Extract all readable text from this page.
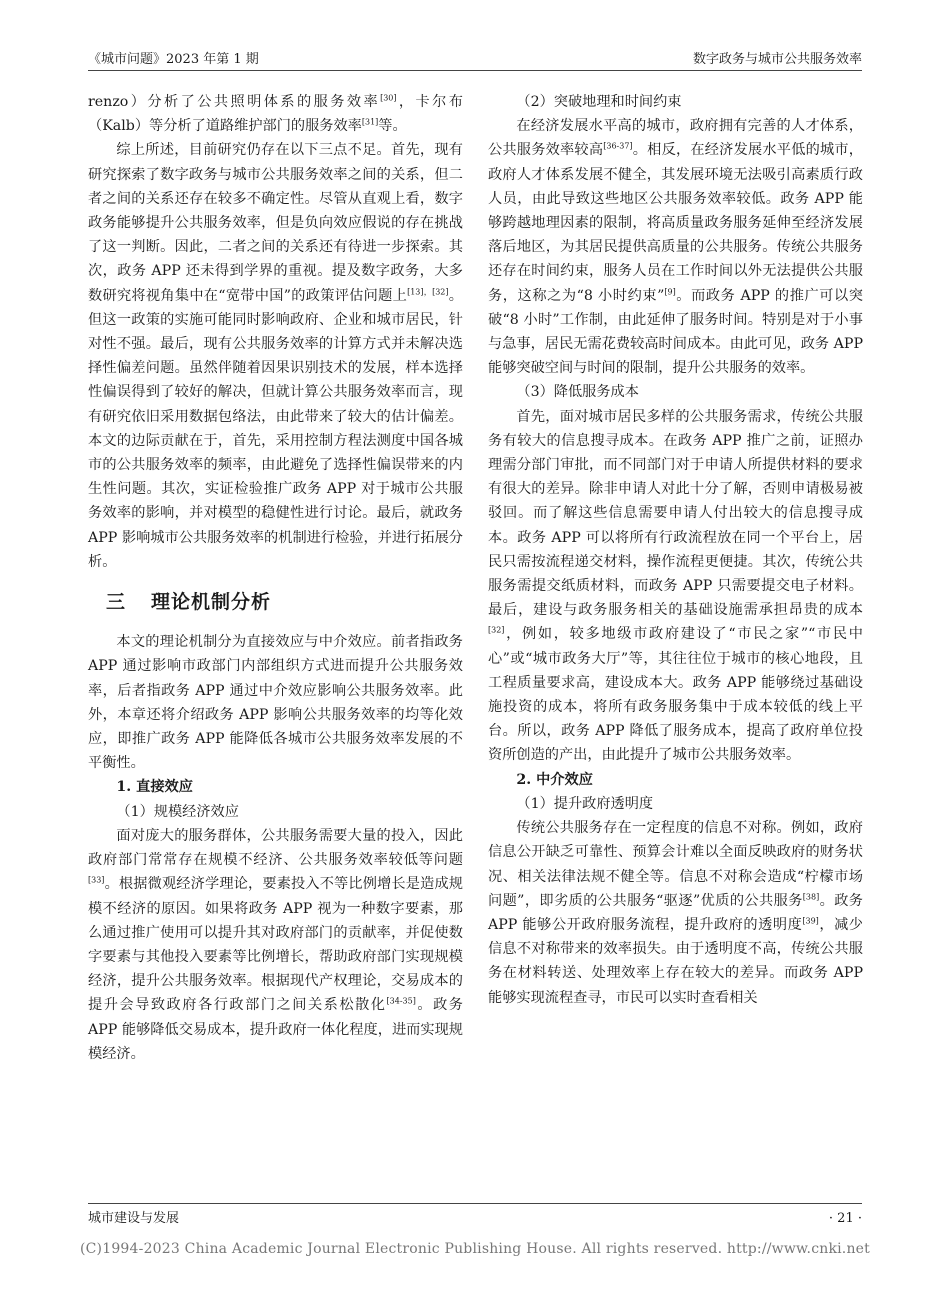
《城市问题》2023 年第 1 期	数字政务与城市公共服务效率

renzo）分析了公共照明体系的服务效率[30]，卡尔布（Kalb）等分析了道路维护部门的服务效率[31]等。

综上所述，目前研究仍存在以下三点不足。首先，现有研究探索了数字政务与城市公共服务效率之间的关系，但二者之间的关系还存在较多不确定性。尽管从直观上看，数字政务能够提升公共服务效率，但是负向效应假说的存在挑战了这一判断。因此，二者之间的关系还有待进一步探索。其次，政务 APP 还未得到学界的重视。提及数字政务，大多数研究将视角集中在“宽带中国”的政策评估问题上[13]，[32]。但这一政策的实施可能同时影响政府、企业和城市居民，针对性不强。最后，现有公共服务效率的计算方式并未解决选择性偏差问题。虽然伴随着因果识别技术的发展，样本选择性偏误得到了较好的解决，但就计算公共服务效率而言，现有研究依旧采用数据包络法，由此带来了较大的估计偏差。本文的边际贡献在于，首先，采用控制方程法测度中国各城市的公共服务效率的频率，由此避免了选择性偏误带来的内生性问题。其次，实证检验推广政务 APP 对于城市公共服务效率的影响，并对模型的稳健性进行讨论。最后，就政务 APP 影响城市公共服务效率的机制进行检验，并进行拓展分析。

三 理论机制分析

本文的理论机制分为直接效应与中介效应。前者指政务 APP 通过影响市政部门内部组织方式进而提升公共服务效率，后者指政务 APP 通过中介效应影响公共服务效率。此外，本章还将介绍政务 APP 影响公共服务效率的均等化效应，即推广政务 APP 能降低各城市公共服务效率发展的不平衡性。

1. 直接效应

（1）规模经济效应

面对庞大的服务群体，公共服务需要大量的投入，因此政府部门常常存在规模不经济、公共服务效率较低等问题[33]。根据微观经济学理论，要素投入不等比例增长是造成规模不经济的原因。如果将政务 APP 视为一种数字要素，那么通过推广使用可以提升其对政府部门的贡献率，并促使数字要素与其他投入要素等比例增长，帮助政府部门实现规模经济，提升公共服务效率。根据现代产权理论，交易成本的提升会导致政府各行政部门之间关系松散化[34-35]。政务 APP 能够降低交易成本，提升政府一体化程度，进而实现规模经济。

（2）突破地理和时间约束

在经济发展水平高的城市，政府拥有完善的人才体系，公共服务效率较高[36-37]。相反，在经济发展水平低的城市，政府人才体系发展不健全，其发展环境无法吸引高素质行政人员，由此导致这些地区公共服务效率较低。政务 APP 能够跨越地理因素的限制，将高质量政务服务延伸至经济发展落后地区，为其居民提供高质量的公共服务。传统公共服务还存在时间约束，服务人员在工作时间以外无法提供公共服务，这称之为“8 小时约束”[9]。而政务 APP 的推广可以突破“8 小时”工作制，由此延伸了服务时间。特别是对于小事与急事，居民无需花费较高时间成本。由此可见，政务 APP 能够突破空间与时间的限制，提升公共服务的效率。

（3）降低服务成本

首先，面对城市居民多样的公共服务需求，传统公共服务有较大的信息搜寻成本。在政务 APP 推广之前，证照办理需分部门审批，而不同部门对于申请人所提供材料的要求有很大的差异。除非申请人对此十分了解，否则申请极易被驳回。而了解这些信息需要申请人付出较大的信息搜寻成本。政务 APP 可以将所有行政流程放在同一个平台上，居民只需按流程递交材料，操作流程更便捷。其次，传统公共服务需提交纸质材料，而政务 APP 只需要提交电子材料。最后，建设与政务服务相关的基础设施需承担昂贵的成本[32]，例如，较多地级市政府建设了“市民之家”“市民中心”或“城市政务大厅”等，其往往位于城市的核心地段，且工程质量要求高，建设成本大。政务 APP 能够绕过基础设施投资的成本，将所有政务服务集中于成本较低的线上平台。所以，政务 APP 降低了服务成本，提高了政府单位投资所创造的产出，由此提升了城市公共服务效率。

2. 中介效应

（1）提升政府透明度

传统公共服务存在一定程度的信息不对称。例如，政府信息公开缺乏可靠性、预算会计难以全面反映政府的财务状况、相关法律法规不健全等。信息不对称会造成“柠檬市场问题”，即劣质的公共服务“驱逐”优质的公共服务[38]。政务 APP 能够公开政府服务流程，提升政府的透明度[39]，减少信息不对称带来的效率损失。由于透明度不高，传统公共服务在材料转送、处理效率上存在较大的差异。而政务 APP 能够实现流程查寻，市民可以实时查看相关

城市建设与发展	· 21 ·
(C)1994-2023 China Academic Journal Electronic Publishing House. All rights reserved. http://www.cnki.net
